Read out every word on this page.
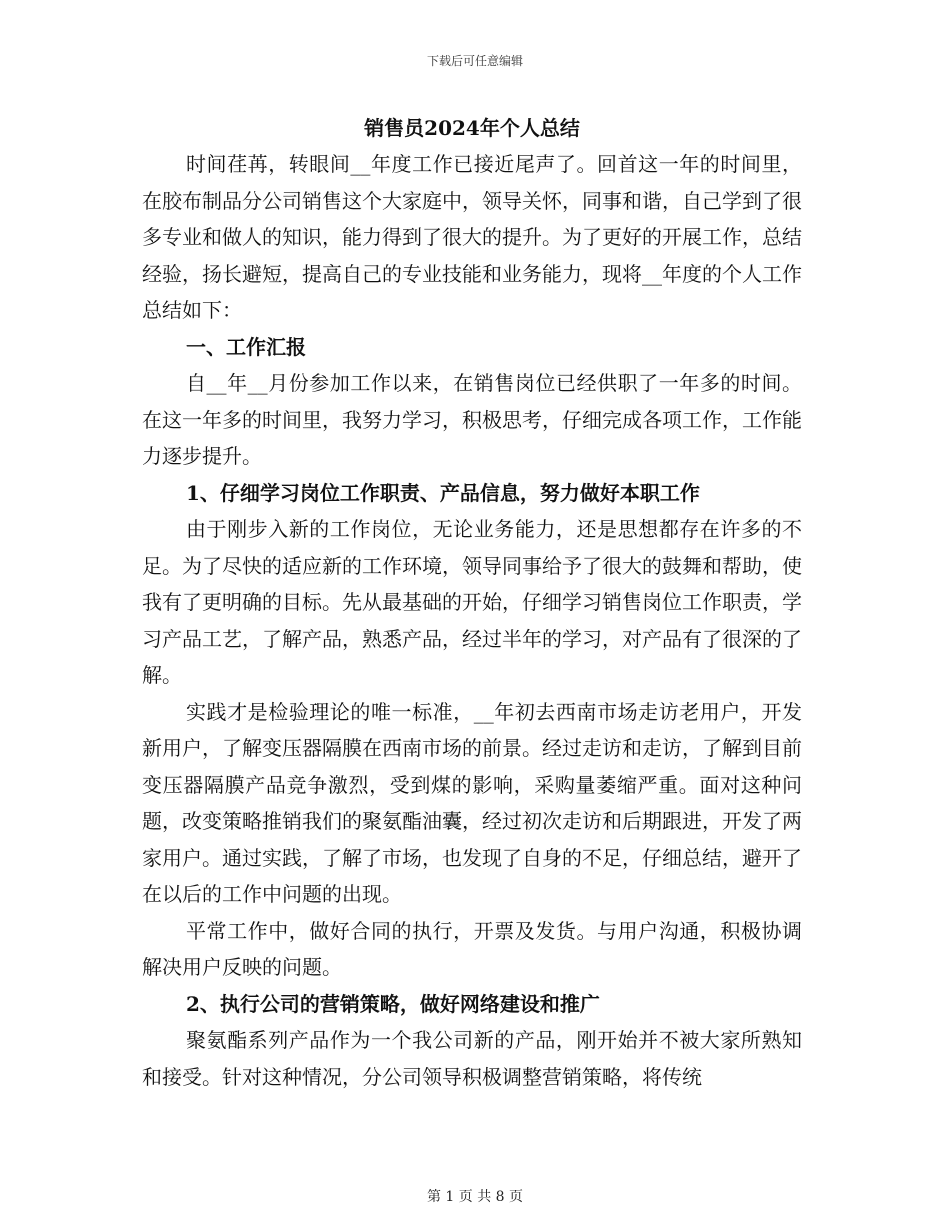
下载后可任意编辑
销售员2024年个人总结

时间荏苒，转眼间__年度工作已接近尾声了。回首这一年的时间里，在胶布制品分公司销售这个大家庭中，领导关怀，同事和谐，自己学到了很多专业和做人的知识，能力得到了很大的提升。为了更好的开展工作，总结经验，扬长避短，提高自己的专业技能和业务能力，现将__年度的个人工作总结如下：

一、工作汇报

自__年__月份参加工作以来，在销售岗位已经供职了一年多的时间。在这一年多的时间里，我努力学习，积极思考，仔细完成各项工作，工作能力逐步提升。

1、仔细学习岗位工作职责、产品信息，努力做好本职工作

由于刚步入新的工作岗位，无论业务能力，还是思想都存在许多的不足。为了尽快的适应新的工作环境，领导同事给予了很大的鼓舞和帮助，使我有了更明确的目标。先从最基础的开始，仔细学习销售岗位工作职责，学习产品工艺，了解产品，熟悉产品，经过半年的学习，对产品有了很深的了解。

实践才是检验理论的唯一标准，__年初去西南市场走访老用户，开发新用户，了解变压器隔膜在西南市场的前景。经过走访和走访，了解到目前变压器隔膜产品竞争激烈，受到煤的影响，采购量萎缩严重。面对这种问题，改变策略推销我们的聚氨酯油囊，经过初次走访和后期跟进，开发了两家用户。通过实践，了解了市场，也发现了自身的不足，仔细总结，避开了在以后的工作中问题的出现。

平常工作中，做好合同的执行，开票及发货。与用户沟通，积极协调解决用户反映的问题。

2、执行公司的营销策略，做好网络建设和推广

聚氨酯系列产品作为一个我公司新的产品，刚开始并不被大家所熟知和接受。针对这种情况，分公司领导积极调整营销策略，将传统

第 1 页 共 8 页
